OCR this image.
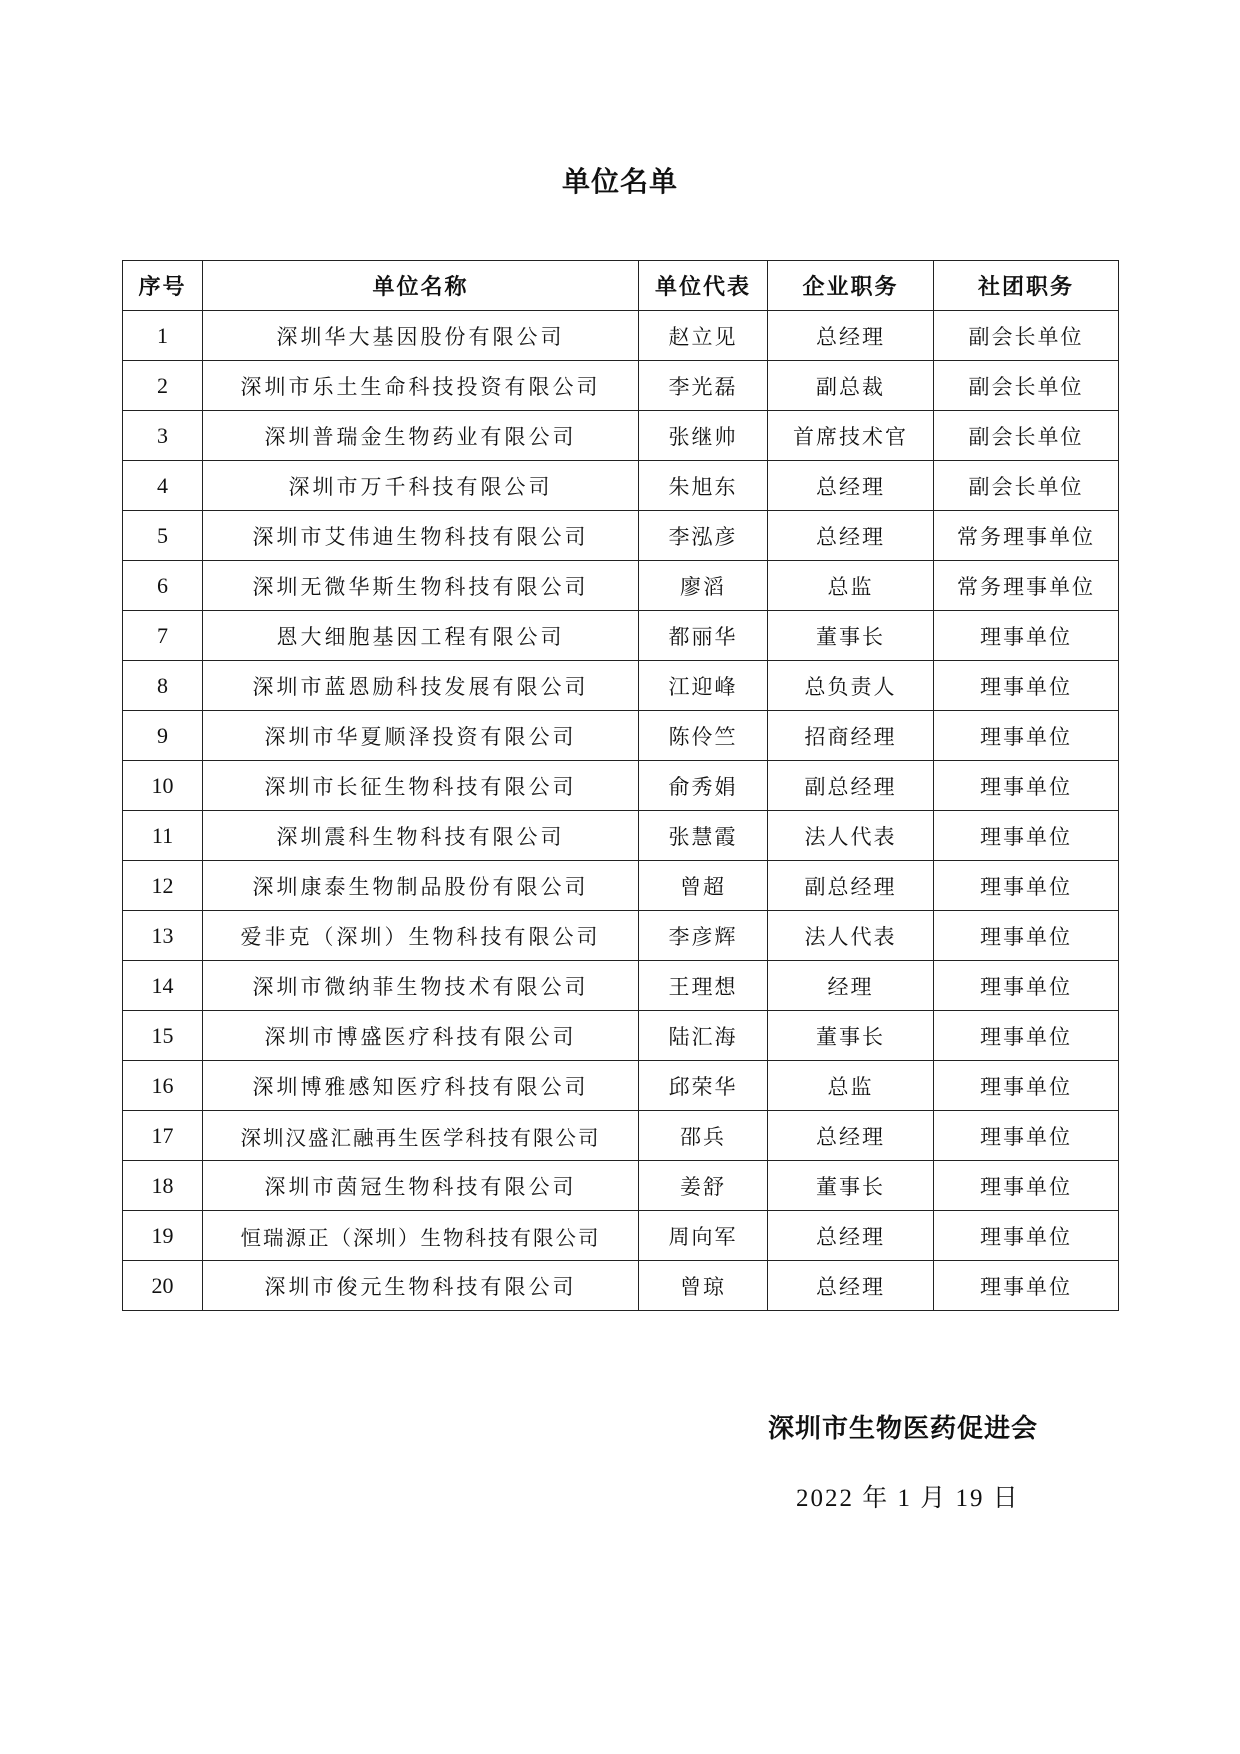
单位名单
序号	单位名称	单位代表	企业职务	社团职务
1	深圳华大基因股份有限公司	赵立见	总经理	副会长单位
2	深圳市乐土生命科技投资有限公司	李光磊	副总裁	副会长单位
3	深圳普瑞金生物药业有限公司	张继帅	首席技术官	副会长单位
4	深圳市万千科技有限公司	朱旭东	总经理	副会长单位
5	深圳市艾伟迪生物科技有限公司	李泓彦	总经理	常务理事单位
6	深圳无微华斯生物科技有限公司	廖滔	总监	常务理事单位
7	恩大细胞基因工程有限公司	都丽华	董事长	理事单位
8	深圳市蓝恩励科技发展有限公司	江迎峰	总负责人	理事单位
9	深圳市华夏顺泽投资有限公司	陈伶竺	招商经理	理事单位
10	深圳市长征生物科技有限公司	俞秀娟	副总经理	理事单位
11	深圳震科生物科技有限公司	张慧霞	法人代表	理事单位
12	深圳康泰生物制品股份有限公司	曾超	副总经理	理事单位
13	爱非克（深圳）生物科技有限公司	李彦辉	法人代表	理事单位
14	深圳市微纳菲生物技术有限公司	王理想	经理	理事单位
15	深圳市博盛医疗科技有限公司	陆汇海	董事长	理事单位
16	深圳博雅感知医疗科技有限公司	邱荣华	总监	理事单位
17	深圳汉盛汇融再生医学科技有限公司	邵兵	总经理	理事单位
18	深圳市茵冠生物科技有限公司	姜舒	董事长	理事单位
19	恒瑞源正（深圳）生物科技有限公司	周向军	总经理	理事单位
20	深圳市俊元生物科技有限公司	曾琼	总经理	理事单位
深圳市生物医药促进会
2022 年 1 月 19 日
